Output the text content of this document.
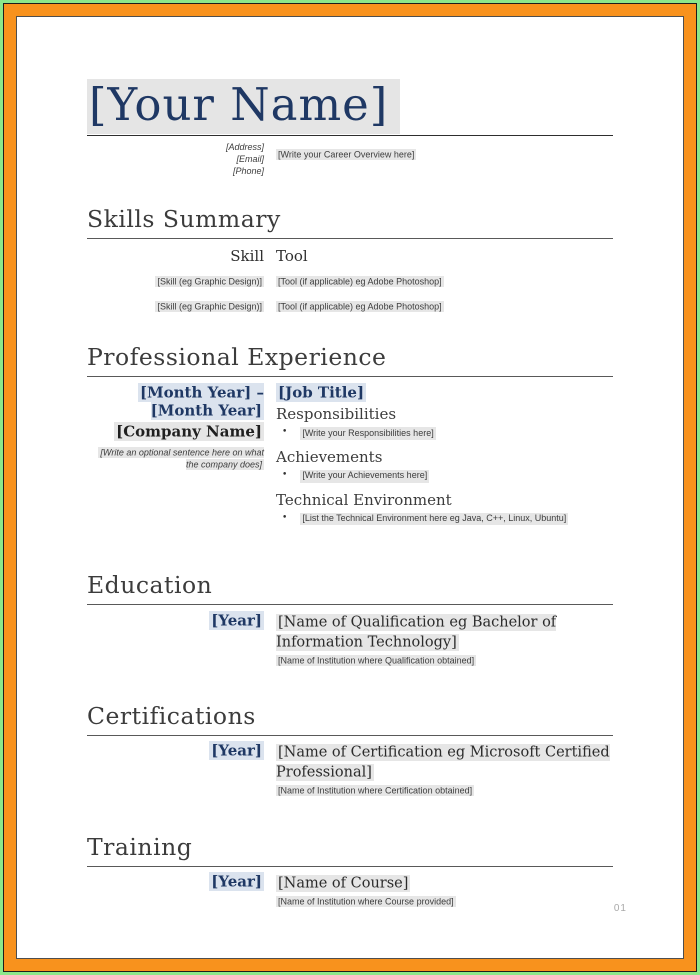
[Your Name]
[Address]
[Email]
[Phone]
[Write your Career Overview here]
Skills Summary
Skill Tool
[Skill (eg Graphic Design)] [Tool (if applicable) eg Adobe Photoshop]
[Skill (eg Graphic Design)] [Tool (if applicable) eg Adobe Photoshop]
Professional Experience
[Month Year] – [Month Year]
[Company Name]
[Write an optional sentence here on what the company does]
[Job Title]
Responsibilities
• [Write your Responsibilities here]
Achievements
• [Write your Achievements here]
Technical Environment
• [List the Technical Environment here eg Java, C++, Linux, Ubuntu]
Education
[Year] [Name of Qualification eg Bachelor of Information Technology]
[Name of Institution where Qualification obtained]
Certifications
[Year] [Name of Certification eg Microsoft Certified Professional]
[Name of Institution where Certification obtained]
Training
[Year] [Name of Course]
[Name of Institution where Course provided]
01
